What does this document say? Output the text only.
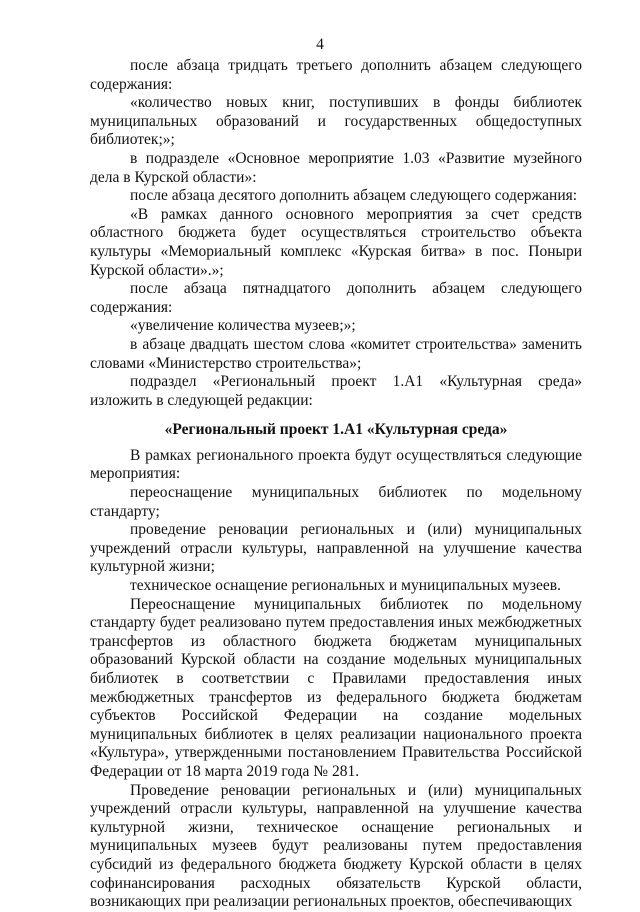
4

после абзаца тридцать третьего дополнить абзацем следующего содержания:

«количество новых книг, поступивших в фонды библиотек муниципальных образований и государственных общедоступных библиотек;»;

в подразделе «Основное мероприятие 1.03 «Развитие музейного дела в Курской области»:

после абзаца десятого дополнить абзацем следующего содержания:

«В рамках данного основного мероприятия за счет средств областного бюджета будет осуществляться строительство объекта культуры «Мемориальный комплекс «Курская битва» в пос. Поныри Курской области».»;

после абзаца пятнадцатого дополнить абзацем следующего содержания:

«увеличение количества музеев;»;

в абзаце двадцать шестом слова «комитет строительства» заменить словами «Министерство строительства»;

подраздел «Региональный проект 1.А1 «Культурная среда» изложить в следующей редакции:

«Региональный проект 1.А1 «Культурная среда»

В рамках регионального проекта будут осуществляться следующие мероприятия:

переоснащение муниципальных библиотек по модельному стандарту;

проведение реновации региональных и (или) муниципальных учреждений отрасли культуры, направленной на улучшение качества культурной жизни;

техническое оснащение региональных и муниципальных музеев.

Переоснащение муниципальных библиотек по модельному стандарту будет реализовано путем предоставления иных межбюджетных трансфертов из областного бюджета бюджетам муниципальных образований Курской области на создание модельных муниципальных библиотек в соответствии с Правилами предоставления иных межбюджетных трансфертов из федерального бюджета бюджетам субъектов Российской Федерации на создание модельных муниципальных библиотек в целях реализации национального проекта «Культура», утвержденными постановлением Правительства Российской Федерации от 18 марта 2019 года № 281.

Проведение реновации региональных и (или) муниципальных учреждений отрасли культуры, направленной на улучшение качества культурной жизни, техническое оснащение региональных и муниципальных музеев будут реализованы путем предоставления субсидий из федерального бюджета бюджету Курской области в целях софинансирования расходных обязательств Курской области, возникающих при реализации региональных проектов, обеспечивающих
